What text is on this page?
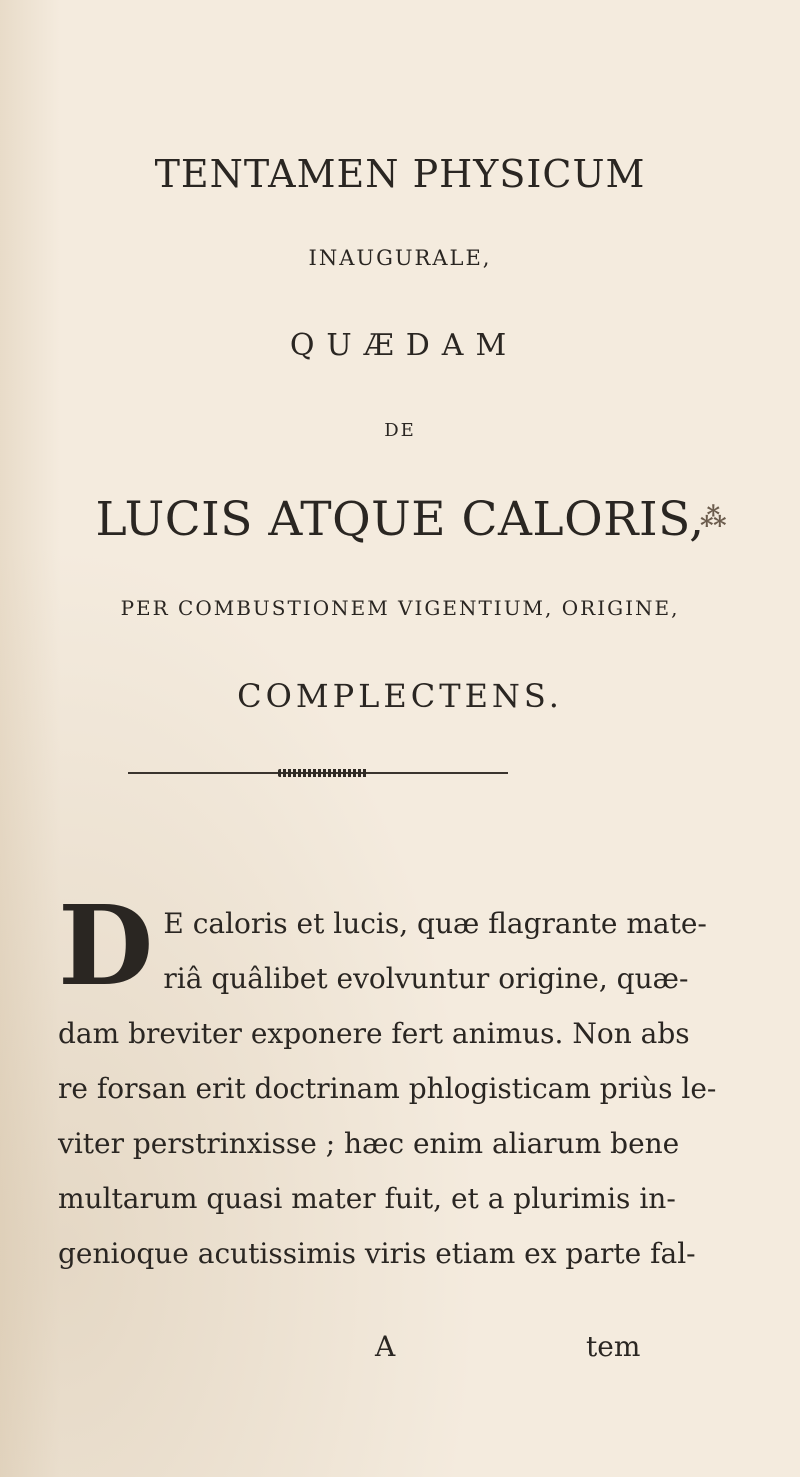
TENTAMEN PHYSICUM
INAUGURALE,
QUÆDAM
DE
LUCIS ATQUE CALORIS,
PER COMBUSTIONEM VIGENTIUM, ORIGINE,
COMPLECTENS.
⁂
D E caloris et lucis, quæ flagrante mate-
riâ quâlibet evolvuntur origine, quæ-
dam breviter exponere fert animus. Non abs
re forsan erit doctrinam phlogisticam priùs le-
viter perstrinxisse ; hæc enim aliarum bene
multarum quasi mater fuit, et a plurimis in-
genioque acutissimis viris etiam ex parte fal-
A	tem
